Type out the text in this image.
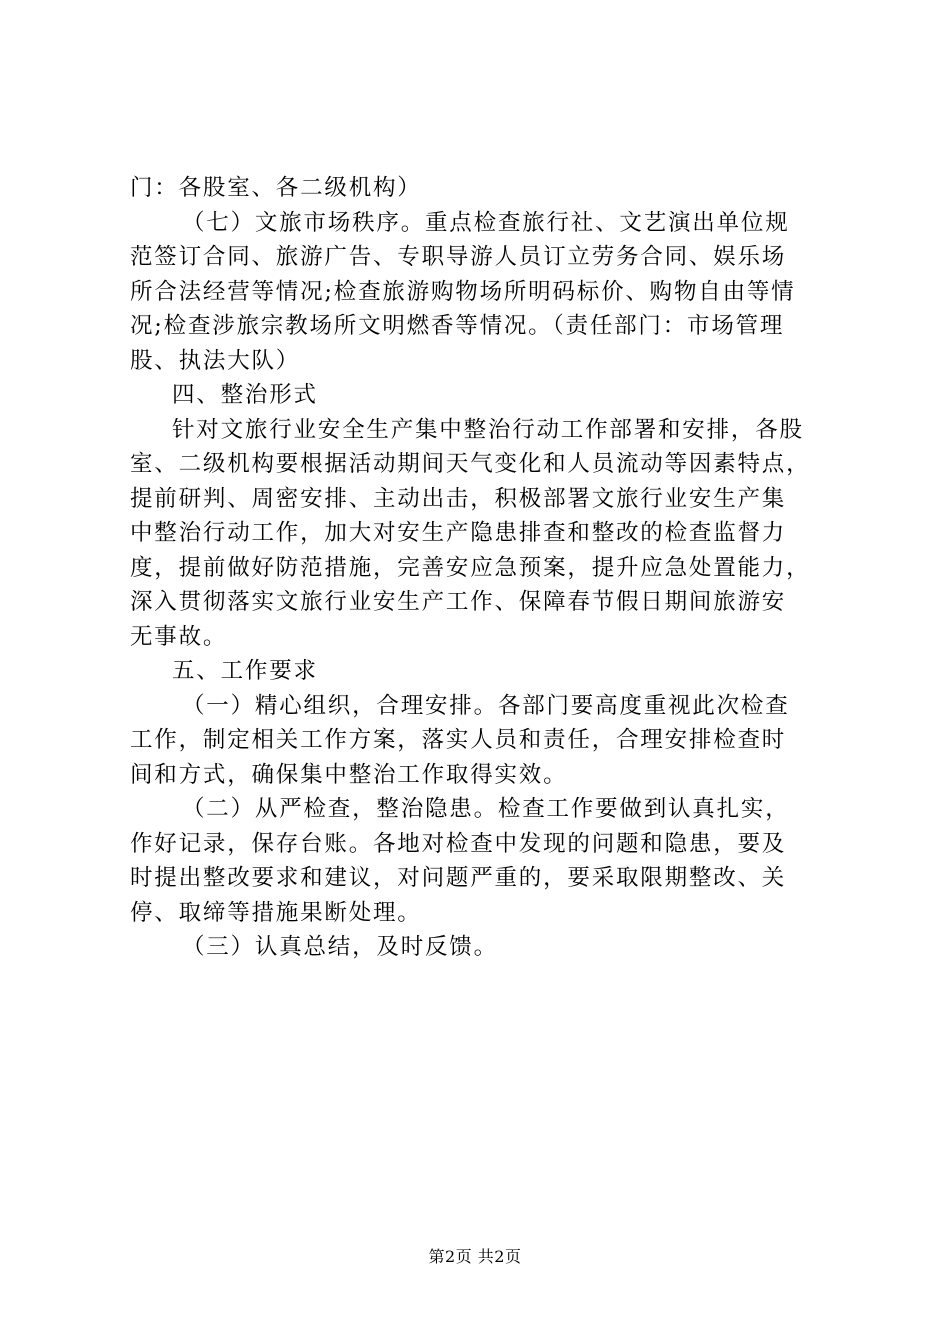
门：各股室、各二级机构）
（七）文旅市场秩序。重点检查旅行社、文艺演出单位规
范签订合同、旅游广告、专职导游人员订立劳务合同、娱乐场
所合法经营等情况;检查旅游购物场所明码标价、购物自由等情
况;检查涉旅宗教场所文明燃香等情况。（责任部门：市场管理
股、执法大队）
四、整治形式
针对文旅行业安全生产集中整治行动工作部署和安排，各股
室、二级机构要根据活动期间天气变化和人员流动等因素特点，
提前研判、周密安排、主动出击，积极部署文旅行业安生产集
中整治行动工作，加大对安生产隐患排查和整改的检查监督力
度，提前做好防范措施，完善安应急预案，提升应急处置能力，
深入贯彻落实文旅行业安生产工作、保障春节假日期间旅游安
无事故。
五、工作要求
（一）精心组织，合理安排。各部门要高度重视此次检查
工作，制定相关工作方案，落实人员和责任，合理安排检查时
间和方式，确保集中整治工作取得实效。
（二）从严检查，整治隐患。检查工作要做到认真扎实，
作好记录，保存台账。各地对检查中发现的问题和隐患，要及
时提出整改要求和建议，对问题严重的，要采取限期整改、关
停、取缔等措施果断处理。
（三）认真总结，及时反馈。
第2页 共2页
